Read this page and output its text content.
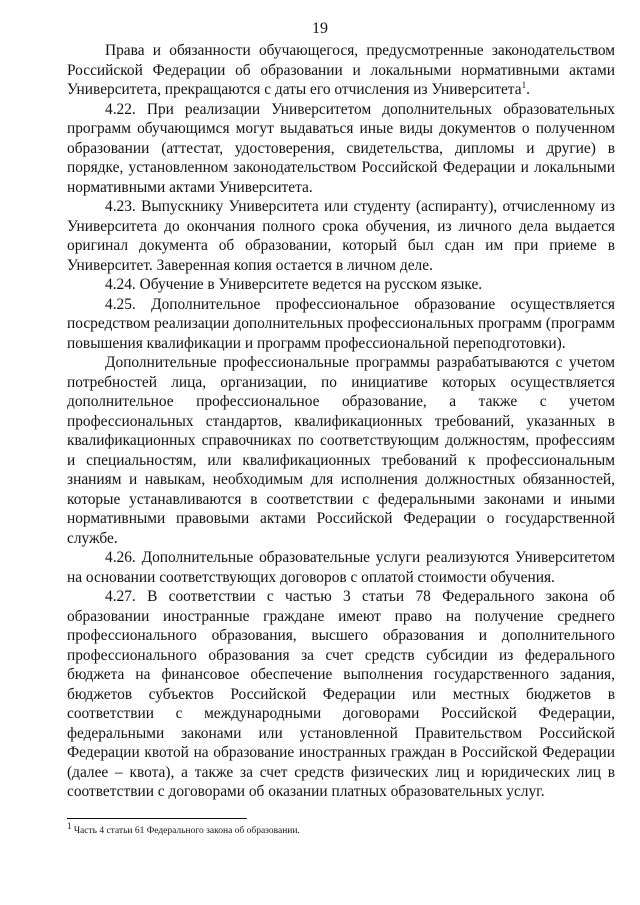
19

Права и обязанности обучающегося, предусмотренные законодательством Российской Федерации об образовании и локальными нормативными актами Университета, прекращаются с даты его отчисления из Университета$^1$.

4.22. При реализации Университетом дополнительных образовательных программ обучающимся могут выдаваться иные виды документов о полученном образовании (аттестат, удостоверения, свидетельства, дипломы и другие) в порядке, установленном законодательством Российской Федерации и локальными нормативными актами Университета.

4.23. Выпускнику Университета или студенту (аспиранту), отчисленному из Университета до окончания полного срока обучения, из личного дела выдается оригинал документа об образовании, который был сдан им при приеме в Университет. Заверенная копия остается в личном деле.

4.24. Обучение в Университете ведется на русском языке.

4.25. Дополнительное профессиональное образование осуществляется посредством реализации дополнительных профессиональных программ (программ повышения квалификации и программ профессиональной переподготовки).

Дополнительные профессиональные программы разрабатываются с учетом потребностей лица, организации, по инициативе которых осуществляется дополнительное профессиональное образование, а также с учетом профессиональных стандартов, квалификационных требований, указанных в квалификационных справочниках по соответствующим должностям, профессиям и специальностям, или квалификационных требований к профессиональным знаниям и навыкам, необходимым для исполнения должностных обязанностей, которые устанавливаются в соответствии с федеральными законами и иными нормативными правовыми актами Российской Федерации о государственной службе.

4.26. Дополнительные образовательные услуги реализуются Университетом на основании соответствующих договоров с оплатой стоимости обучения.

4.27. В соответствии с частью 3 статьи 78 Федерального закона об образовании иностранные граждане имеют право на получение среднего профессионального образования, высшего образования и дополнительного профессионального образования за счет средств субсидии из федерального бюджета на финансовое обеспечение выполнения государственного задания, бюджетов субъектов Российской Федерации или местных бюджетов в соответствии с международными договорами Российской Федерации, федеральными законами или установленной Правительством Российской Федерации квотой на образование иностранных граждан в Российской Федерации (далее – квота), а также за счет средств физических лиц и юридических лиц в соответствии с договорами об оказании платных образовательных услуг.

$^1$ Часть 4 статьи 61 Федерального закона об образовании.
